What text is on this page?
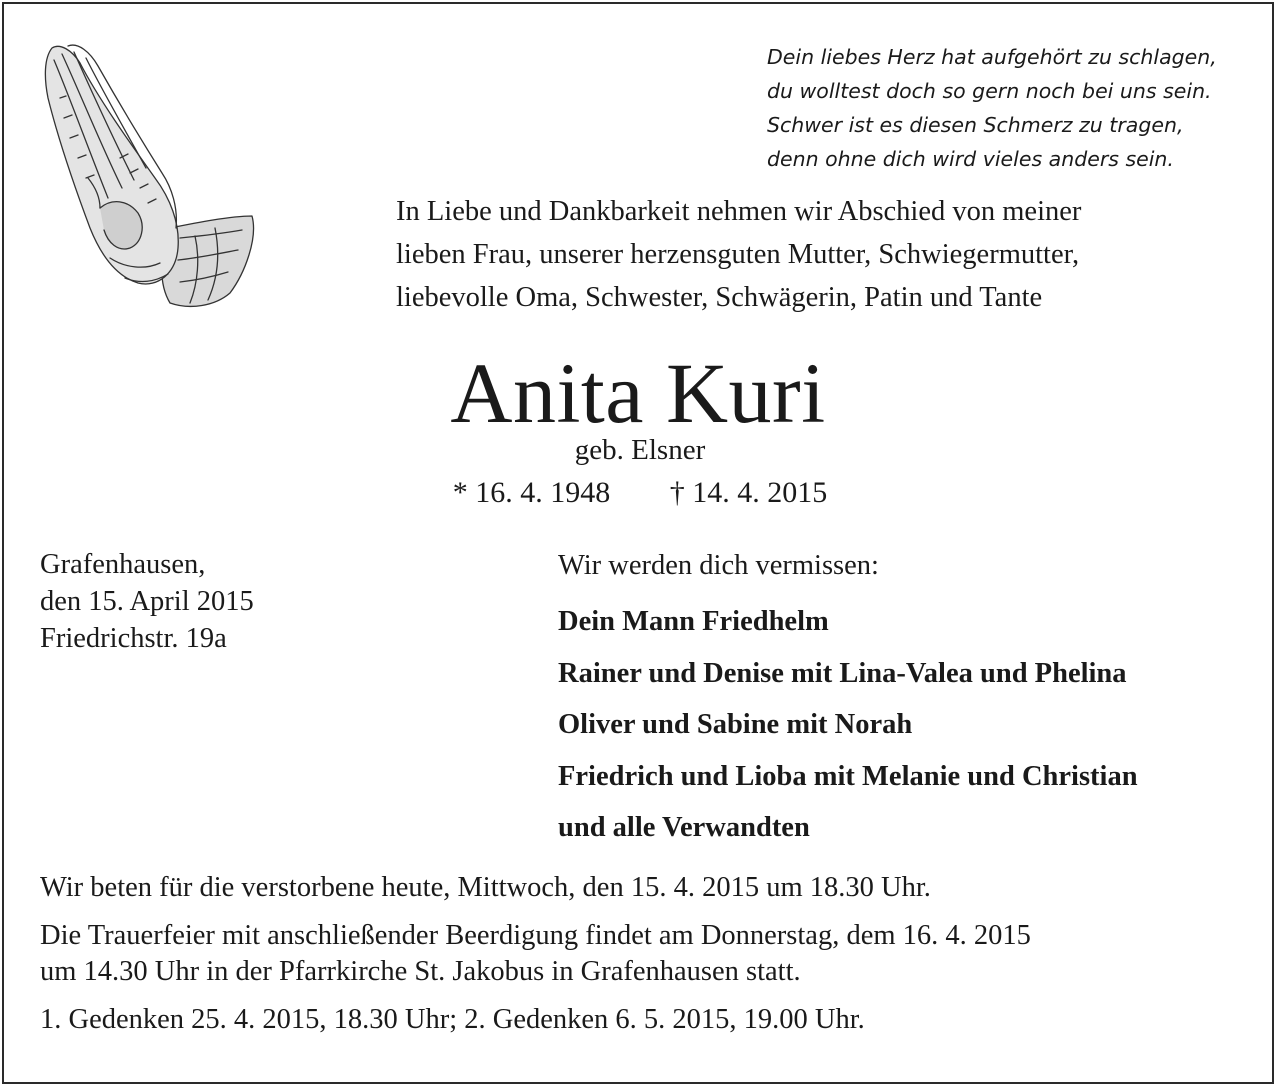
Dein liebes Herz hat aufgehört zu schlagen,
du wolltest doch so gern noch bei uns sein.
Schwer ist es diesen Schmerz zu tragen,
denn ohne dich wird vieles anders sein.
In Liebe und Dankbarkeit nehmen wir Abschied von meiner
lieben Frau, unserer herzensguten Mutter, Schwiegermutter,
liebevolle Oma, Schwester, Schwägerin, Patin und Tante
Anita Kuri
geb. Elsner
* 16. 4. 1948 † 14. 4. 2015
Grafenhausen,
den 15. April 2015
Friedrichstr. 19a
Wir werden dich vermissen:
Dein Mann Friedhelm
Rainer und Denise mit Lina-Valea und Phelina
Oliver und Sabine mit Norah
Friedrich und Lioba mit Melanie und Christian
und alle Verwandten

Wir beten für die verstorbene heute, Mittwoch, den 15. 4. 2015 um 18.30 Uhr.

Die Trauerfeier mit anschließender Beerdigung findet am Donnerstag, dem 16. 4. 2015

um 14.30 Uhr in der Pfarrkirche St. Jakobus in Grafenhausen statt.

1. Gedenken 25. 4. 2015, 18.30 Uhr; 2. Gedenken 6. 5. 2015, 19.00 Uhr.
